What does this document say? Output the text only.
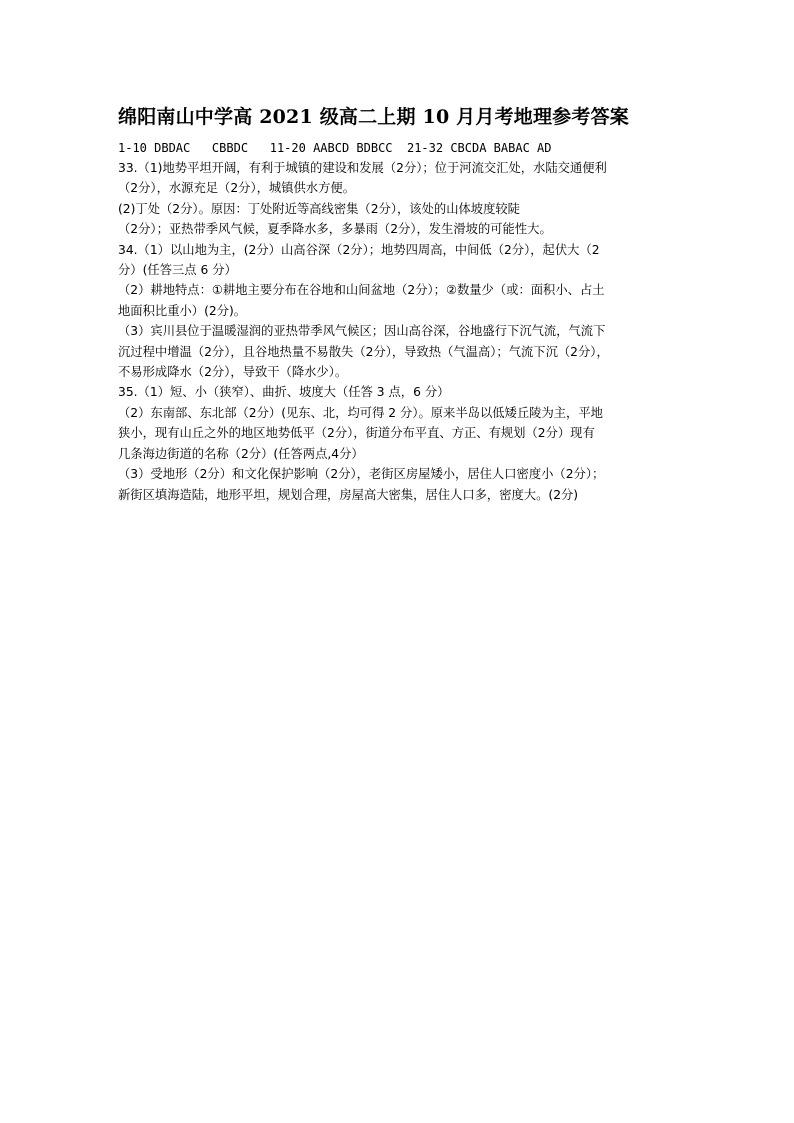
绵阳南山中学高 2021 级高二上期 10 月月考地理参考答案
1-10 DBDAC   CBBDC   11-20 AABCD BDBCC  21-32 CBCDA BABAC AD
33.（1)地势平坦开阔，有利于城镇的建设和发展（2分）；位于河流交汇处，水陆交通便利
（2分），水源充足（2分），城镇供水方便。
(2)丁处（2分）。原因：丁处附近等高线密集（2分），该处的山体坡度较陡
（2分）；亚热带季风气候，夏季降水多，多暴雨（2分），发生滑坡的可能性大。
34.（1）以山地为主，(2分）山高谷深（2分）；地势四周高，中间低（2分），起伏大（2
分）(任答三点 6 分）
（2）耕地特点：①耕地主要分布在谷地和山间盆地（2分）；②数量少（或：面积小、占土
地面积比重小）(2分)。
（3）宾川县位于温暖湿润的亚热带季风气候区；因山高谷深，谷地盛行下沉气流，气流下
沉过程中增温（2分），且谷地热量不易散失（2分），导致热（气温高）；气流下沉（2分），
不易形成降水（2分），导致干（降水少）。
35.（1）短、小（狭窄）、曲折、坡度大（任答 3 点，6 分）
（2）东南部、东北部（2分）(见东、北，均可得 2 分）。原来半岛以低矮丘陵为主，平地
狭小，现有山丘之外的地区地势低平（2分），街道分布平直、方正、有规划（2分）现有
几条海边街道的名称（2分）(任答两点,4分）
（3）受地形（2分）和文化保护影响（2分），老街区房屋矮小，居住人口密度小（2分）；
新街区填海造陆，地形平坦，规划合理，房屋高大密集，居住人口多，密度大。(2分)
